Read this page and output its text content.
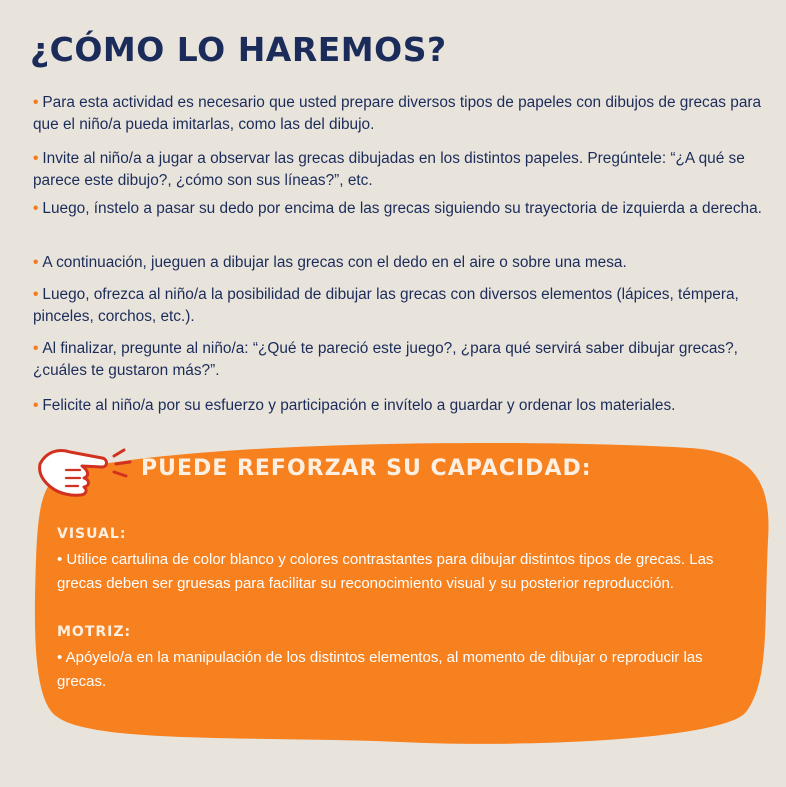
¿CÓMO LO HAREMOS?
• Para esta actividad es necesario que usted prepare diversos tipos de papeles con dibujos de grecas para que el niño/a pueda imitarlas, como las del dibujo.
• Invite al niño/a a jugar a observar las grecas dibujadas en los distintos papeles. Pregúntele: “¿A qué se parece este dibujo?, ¿cómo son sus líneas?”, etc.
• Luego, ínstelo a pasar su dedo por encima de las grecas siguiendo su trayectoria de izquierda a derecha.
• A continuación, jueguen a dibujar las grecas con el dedo en el aire o sobre una mesa.
• Luego, ofrezca al niño/a la posibilidad de dibujar las grecas con diversos elementos (lápices, témpera, pinceles, corchos, etc.).
• Al finalizar, pregunte al niño/a: “¿Qué te pareció este juego?, ¿para qué servirá saber dibujar grecas?, ¿cuáles te gustaron más?”.
• Felicite al niño/a por su esfuerzo y participación e invítelo a guardar y ordenar los materiales.
PUEDE REFORZAR SU CAPACIDAD:
VISUAL:
• Utilice cartulina de color blanco y colores contrastantes para dibujar distintos tipos de grecas. Las grecas deben ser gruesas para facilitar su reconocimiento visual y su posterior reproducción.
MOTRIZ:
• Apóyelo/a en la manipulación de los distintos elementos, al momento de dibujar o reproducir las grecas.
